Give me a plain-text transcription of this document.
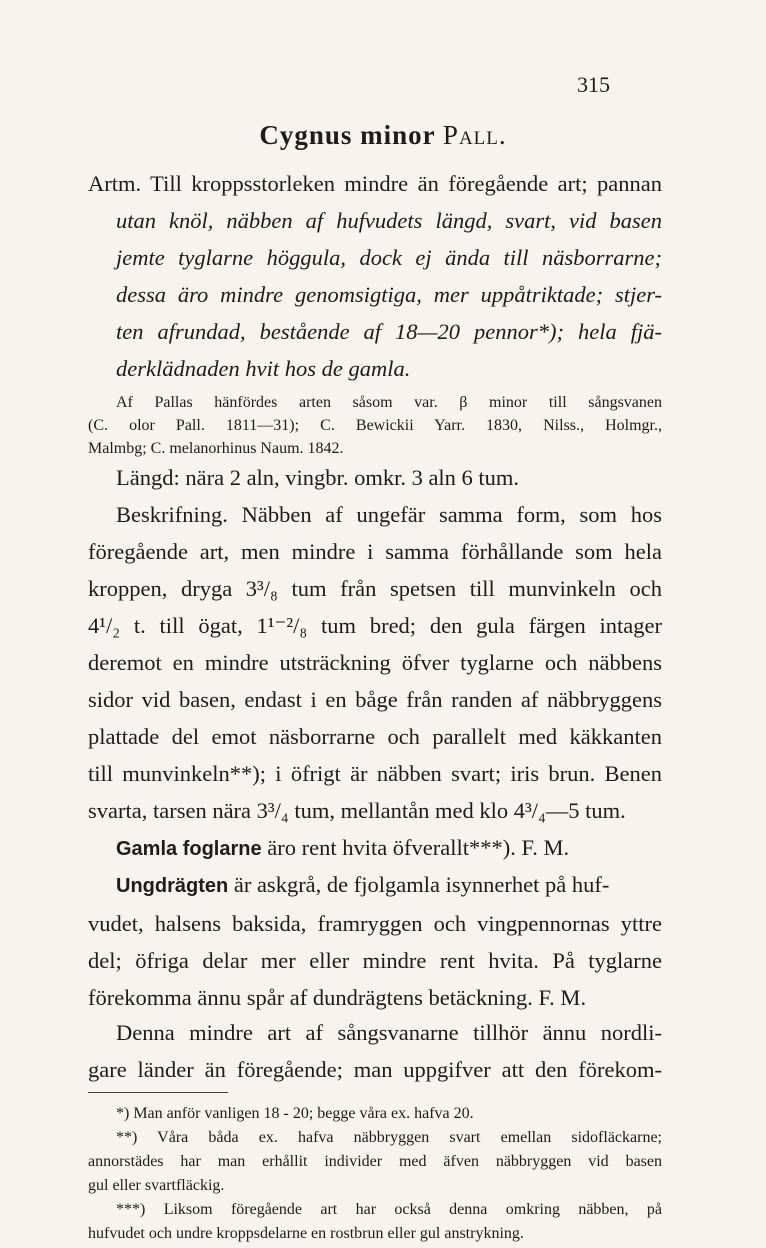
315
Cygnus minor Pall.
Artm. Till kroppsstorleken mindre än föregående art; pannan
utan knöl, näbben af hufvudets längd, svart, vid basen
jemte tyglarne höggula, dock ej ända till näsborrarne;
dessa äro mindre genomsigtiga, mer uppåtriktade; stjer-
ten afrundad, bestående af 18—20 pennor*); hela fjä-
derklädnaden hvit hos de gamla.
Af Pallas hänfördes arten såsom var. β minor till sångsvanen
(C. olor Pall. 1811—31); C. Bewickii Yarr. 1830, Nilss., Holmgr.,
Malmbg; C. melanorhinus Naum. 1842.
Längd: nära 2 aln, vingbr. omkr. 3 aln 6 tum.
Beskrifning. Näbben af ungefär samma form, som hos
föregående art, men mindre i samma förhållande som hela
kroppen, dryga 3³/₈ tum från spetsen till munvinkeln och
4¹/₂ t. till ögat, 1¹⁻²/₈ tum bred; den gula färgen intager
deremot en mindre utsträckning öfver tyglarne och näbbens
sidor vid basen, endast i en båge från randen af näbbryggens
plattade del emot näsborrarne och parallelt med käkkanten
till munvinkeln**); i öfrigt är näbben svart; iris brun. Benen
svarta, tarsen nära 3³/₄ tum, mellantån med klo 4³/₄—5 tum.
Gamla foglarne äro rent hvita öfverallt***). F. M.
Ungdrägten är askgrå, de fjolgamla isynnerhet på huf-
vudet, halsens baksida, framryggen och vingpennornas yttre
del; öfriga delar mer eller mindre rent hvita. På tyglarne
förekomma ännu spår af dundrägtens betäckning. F. M.
Denna mindre art af sångsvanarne tillhör ännu nordli-
gare länder än föregående; man uppgifver att den förekom-
*) Man anför vanligen 18 - 20; begge våra ex. hafva 20.
**) Våra båda ex. hafva näbbryggen svart emellan sidofläckarne;
annorstädes har man erhållit individer med äfven näbbryggen vid basen
gul eller svartfläckig.
***) Liksom föregående art har också denna omkring näbben, på
hufvudet och undre kroppsdelarne en rostbrun eller gul anstrykning.
